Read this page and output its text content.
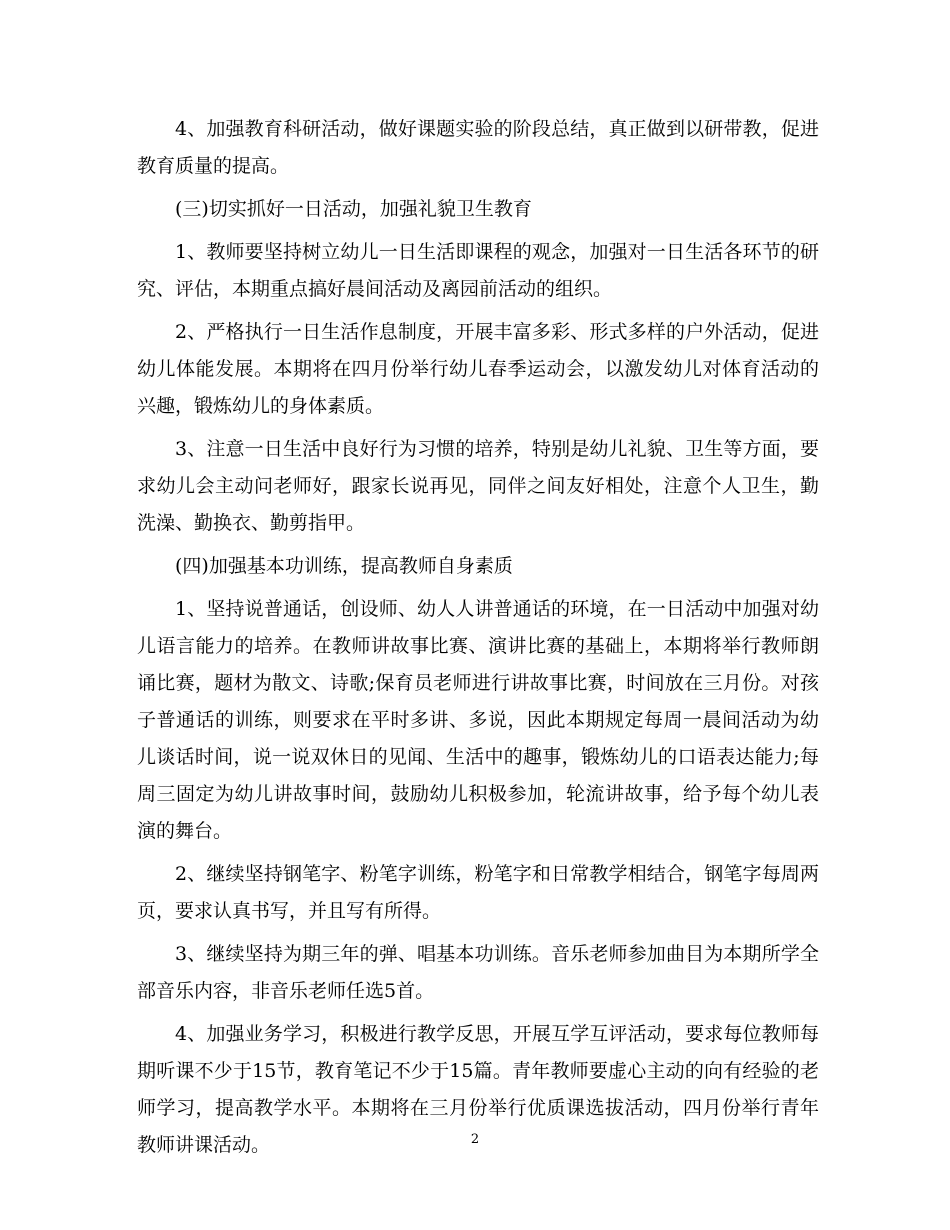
4、加强教育科研活动，做好课题实验的阶段总结，真正做到以研带教，促进教育质量的提高。

(三)切实抓好一日活动，加强礼貌卫生教育

1、教师要坚持树立幼儿一日生活即课程的观念，加强对一日生活各环节的研究、评估，本期重点搞好晨间活动及离园前活动的组织。

2、严格执行一日生活作息制度，开展丰富多彩、形式多样的户外活动，促进幼儿体能发展。本期将在四月份举行幼儿春季运动会，以激发幼儿对体育活动的兴趣，锻炼幼儿的身体素质。

3、注意一日生活中良好行为习惯的培养，特别是幼儿礼貌、卫生等方面，要求幼儿会主动问老师好，跟家长说再见，同伴之间友好相处，注意个人卫生，勤洗澡、勤换衣、勤剪指甲。

(四)加强基本功训练，提高教师自身素质

1、坚持说普通话，创设师、幼人人讲普通话的环境，在一日活动中加强对幼儿语言能力的培养。在教师讲故事比赛、演讲比赛的基础上，本期将举行教师朗诵比赛，题材为散文、诗歌;保育员老师进行讲故事比赛，时间放在三月份。对孩子普通话的训练，则要求在平时多讲、多说，因此本期规定每周一晨间活动为幼儿谈话时间，说一说双休日的见闻、生活中的趣事，锻炼幼儿的口语表达能力;每周三固定为幼儿讲故事时间，鼓励幼儿积极参加，轮流讲故事，给予每个幼儿表演的舞台。

2、继续坚持钢笔字、粉笔字训练，粉笔字和日常教学相结合，钢笔字每周两页，要求认真书写，并且写有所得。

3、继续坚持为期三年的弹、唱基本功训练。音乐老师参加曲目为本期所学全部音乐内容，非音乐老师任选5首。

4、加强业务学习，积极进行教学反思，开展互学互评活动，要求每位教师每期听课不少于15节，教育笔记不少于15篇。青年教师要虚心主动的向有经验的老师学习，提高教学水平。本期将在三月份举行优质课选拔活动，四月份举行青年教师讲课活动。	2
